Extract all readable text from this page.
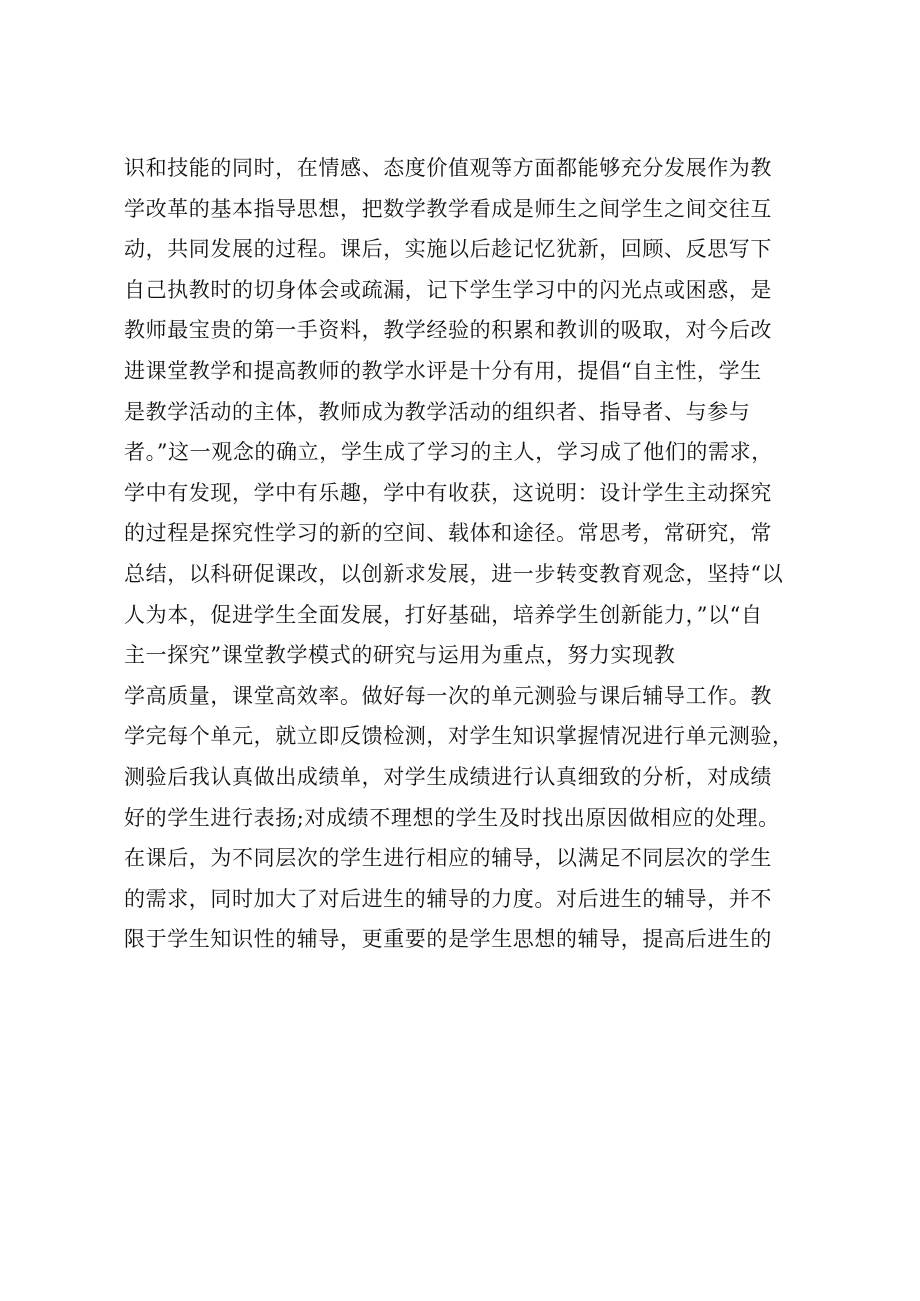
识和技能的同时，在情感、态度价值观等方面都能够充分发展作为教
学改革的基本指导思想，把数学教学看成是师生之间学生之间交往互
动，共同发展的过程。课后，实施以后趁记忆犹新，回顾、反思写下
自己执教时的切身体会或疏漏，记下学生学习中的闪光点或困惑，是
教师最宝贵的第一手资料，教学经验的积累和教训的吸取，对今后改
进课堂教学和提高教师的教学水评是十分有用，提倡“自主性，学生
是教学活动的主体，教师成为教学活动的组织者、指导者、与参与
者。”这一观念的确立，学生成了学习的主人，学习成了他们的需求，
学中有发现，学中有乐趣，学中有收获，这说明：设计学生主动探究
的过程是探究性学习的新的空间、载体和途径。常思考，常研究，常
总结，以科研促课改，以创新求发展，进一步转变教育观念，坚持“以
人为本，促进学生全面发展，打好基础，培养学生创新能力，”以“自
主一探究”课堂教学模式的研究与运用为重点，努力实现教
学高质量，课堂高效率。做好每一次的单元测验与课后辅导工作。教
学完每个单元，就立即反馈检测，对学生知识掌握情况进行单元测验，
测验后我认真做出成绩单，对学生成绩进行认真细致的分析，对成绩
好的学生进行表扬;对成绩不理想的学生及时找出原因做相应的处理。
在课后，为不同层次的学生进行相应的辅导，以满足不同层次的学生
的需求，同时加大了对后进生的辅导的力度。对后进生的辅导，并不
限于学生知识性的辅导，更重要的是学生思想的辅导，提高后进生的
